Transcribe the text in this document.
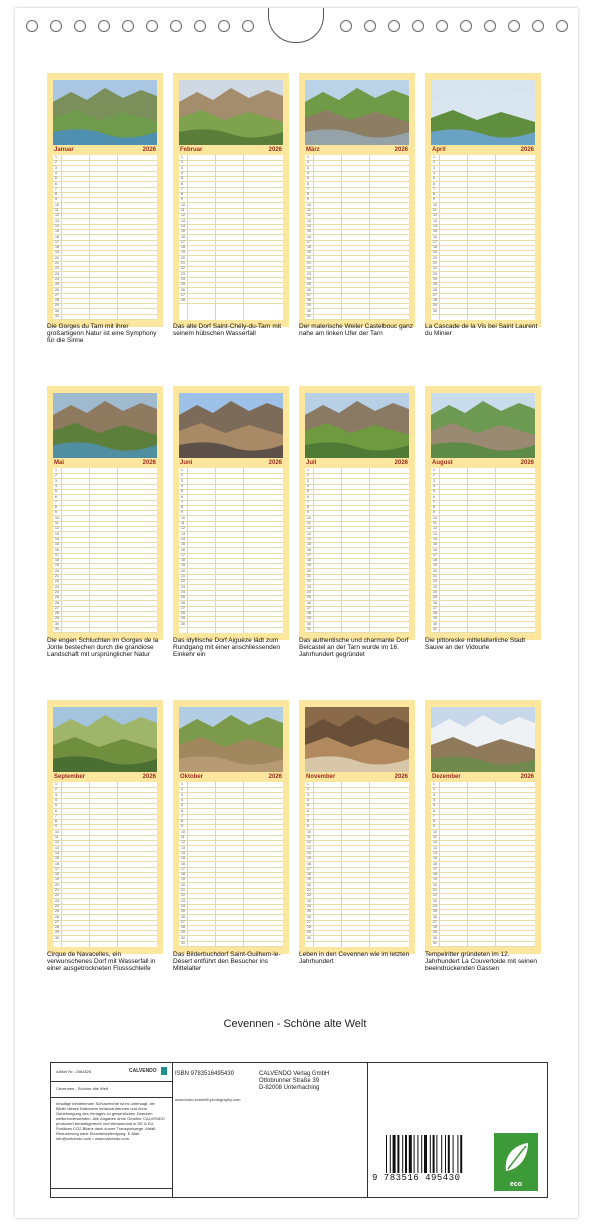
Januar	2026
1
2
3
4
5
6
7
8
9
10
11
12
13
14
15
16
17
18
19
20
21
22
23
24
25
26
27
28
29
30
31
Die Gorges du Tarn mit ihrer großartigenn Natur ist eine Symphony für die Sinne
Februar	2026
1
2
3
4
5
6
7
8
9
10
11
12
13
14
15
16
17
18
19
20
21
22
23
24
25
26
27
28
Das alte Dorf Saint-Chély-du-Tarn mit seinem hübschen Wasserfall
März	2026
1
2
3
4
5
6
7
8
9
10
11
12
13
14
15
16
17
18
19
20
21
22
23
24
25
26
27
28
29
30
31
Der malerische Weiler Castelbouc ganz nahe am linken Ufer der Tarn
April	2026
1
2
3
4
5
6
7
8
9
10
11
12
13
14
15
16
17
18
19
20
21
22
23
24
25
26
27
28
29
30
La Cascade de la Vis bei Saint Laurent du Minier
Mai	2026
1
2
3
4
5
6
7
8
9
10
11
12
13
14
15
16
17
18
19
20
21
22
23
24
25
26
27
28
29
30
31
Die engen Schluchten im Gorges de la Jonte bestechen durch die grandiose Landschaft mit ursprünglicher Natur
Juni	2026
1
2
3
4
5
6
7
8
9
10
11
12
13
14
15
16
17
18
19
20
21
22
23
24
25
26
27
28
29
30
Das idyllische Dorf Aiguèze lädt zum Rundgang mit einer anschliessenden Einkehr ein
Juli	2026
1
2
3
4
5
6
7
8
9
10
11
12
13
14
15
16
17
18
19
20
21
22
23
24
25
26
27
28
29
30
31
Das authentische und charmante Dorf Belcastel an der Tarn wurde im 16. Jahrhundert gegründet
August	2026
1
2
3
4
5
6
7
8
9
10
11
12
13
14
15
16
17
18
19
20
21
22
23
24
25
26
27
28
29
30
31
Die pittoreske mittelalterliche Stadt Sauve an der Vidourle
September	2026
1
2
3
4
5
6
7
8
9
10
11
12
13
14
15
16
17
18
19
20
21
22
23
24
25
26
27
28
29
30
Cirque de Navacelles, ein verwunschenes Dorf mit Wasserfall in einer ausgetrockneten Flussschleife
Oktober	2026
1
2
3
4
5
6
7
8
9
10
11
12
13
14
15
16
17
18
19
20
21
22
23
24
25
26
27
28
29
30
31
Das Bilderbuchdorf Saint-Guilhem-le-Désert entführt den Besucher ins Mittelalter
November	2026
1
2
3
4
5
6
7
8
9
10
11
12
13
14
15
16
17
18
19
20
21
22
23
24
25
26
27
28
29
30
Leben in den Cevennen wie im letzten Jahrhundert
Dezember	2026
1
2
3
4
5
6
7
8
9
10
11
12
13
14
15
16
17
18
19
20
21
22
23
24
25
26
27
28
29
30
31
Tempelritter gründeten im 12. Jahrhundert La Couvertoide mit seinen beeindruckenden Gassen
Cevennen - Schöne alte Welt
Artikel Nr.: 2064826	CALVENDO
Cevennen - Schöne alte Welt
Inhaltige bestehender Schutzrechte ist es untersagt, die Bilder dieses Kalenders herauszutrennen und ohne Genehmigung des Verlages zu gewerblichen Zwecken weiterzuverwenden. Alle Angaben ohne Gewähr. CALVENDO produziert bedarfsgerecht und klimaneutral in DE & EU. Positives CO2-Bilanz dank kurzer Transportwege. Abfall-Reduzierung dank Einzelstückfertigung. E-Mail: info@calvendo.com • www.calvendo.com
ISBN 9783516495430	CALVENDO Verlag GmbH
Ottobrunner Straße 39
D-82008 Unterhaching
www.bodo-schmidt-photography.com
9 783516 495430
eco
